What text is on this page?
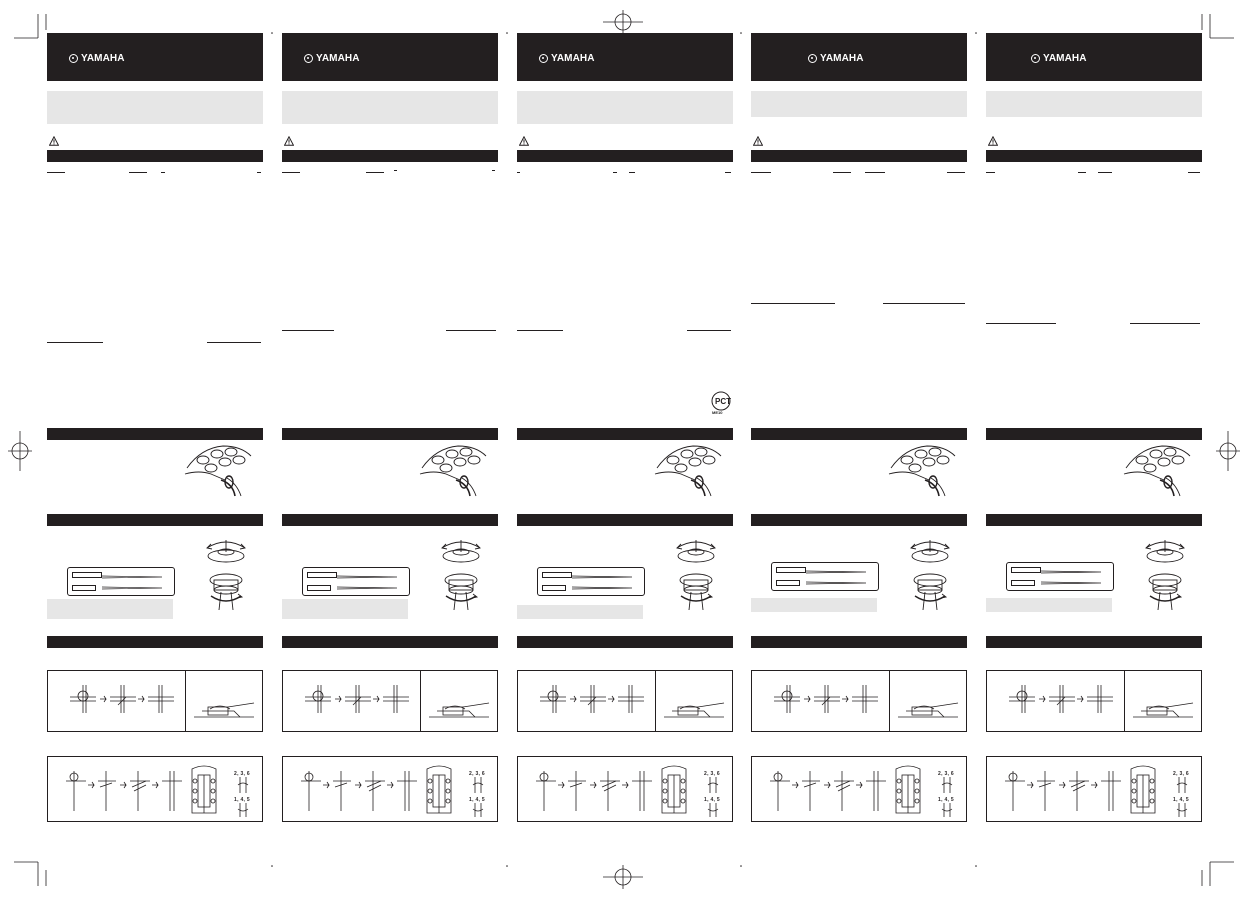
YAMAHA
2, 3, 6
1, 4, 5
YAMAHA
2, 3, 6
1, 4, 5
YAMAHA
PCT
ME10
2, 3, 6
1, 4, 5
YAMAHA
2, 3, 6
1, 4, 5
YAMAHA
2, 3, 6
1, 4, 5
